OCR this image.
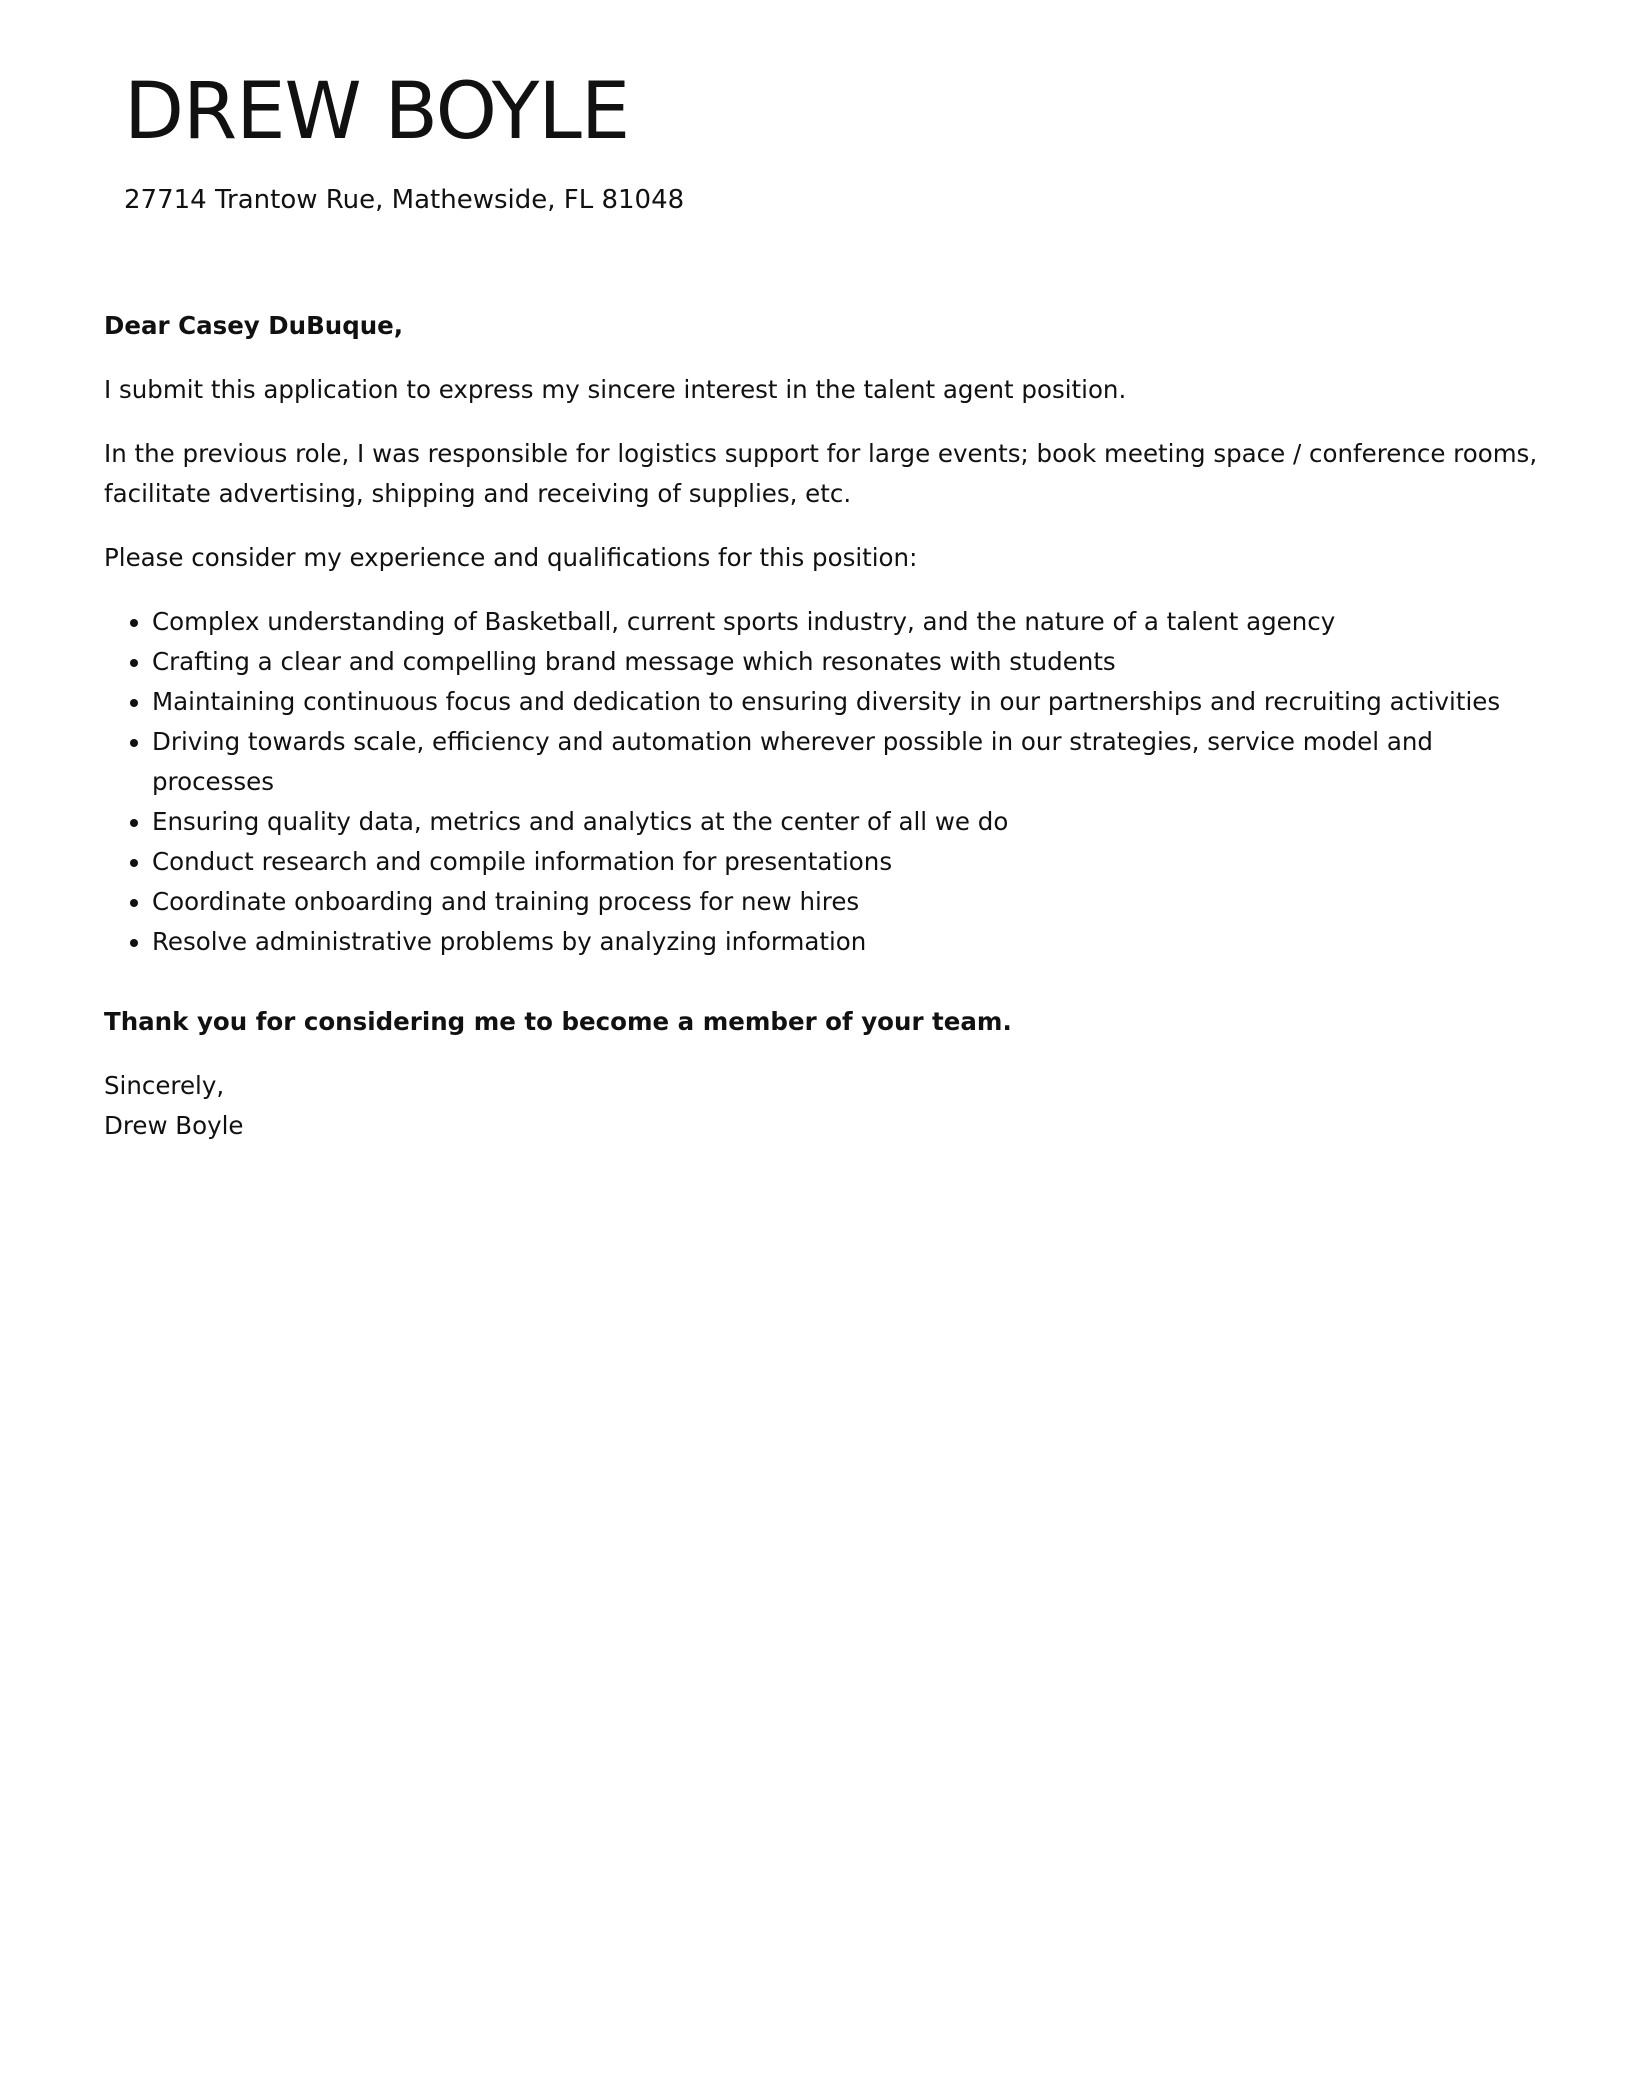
DREW BOYLE
27714 Trantow Rue, Mathewside, FL 81048

Dear Casey DuBuque,

I submit this application to express my sincere interest in the talent agent position.

In the previous role, I was responsible for logistics support for large events; book meeting space / conference rooms, facilitate advertising, shipping and receiving of supplies, etc.

Please consider my experience and qualifications for this position:

• Complex understanding of Basketball, current sports industry, and the nature of a talent agency
• Crafting a clear and compelling brand message which resonates with students
• Maintaining continuous focus and dedication to ensuring diversity in our partnerships and recruiting activities
• Driving towards scale, efficiency and automation wherever possible in our strategies, service model and processes
• Ensuring quality data, metrics and analytics at the center of all we do
• Conduct research and compile information for presentations
• Coordinate onboarding and training process for new hires
• Resolve administrative problems by analyzing information

Thank you for considering me to become a member of your team.

Sincerely,

Drew Boyle
